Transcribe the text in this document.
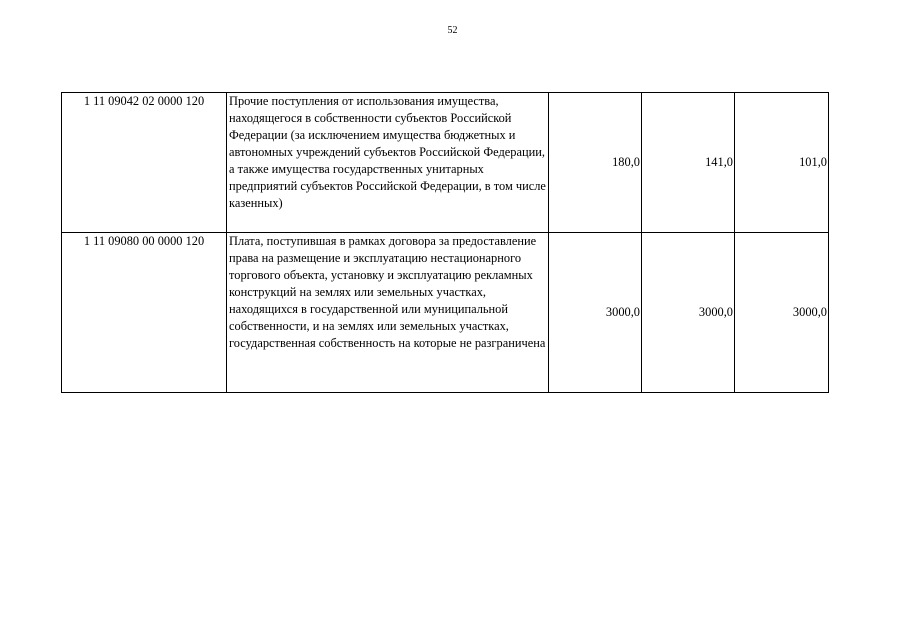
52
1 11 09042 02 0000 120	Прочие поступления от использования имущества, находящегося в собственности субъектов Российской Федерации (за исключением имущества бюджетных и автономных учреждений субъектов Российской Федерации, а также имущества государственных унитарных предприятий субъектов Российской Федерации, в том числе казенных)	180,0	141,0	101,0
1 11 09080 00 0000 120	Плата, поступившая в рамках договора за предоставление права на размещение и эксплуатацию нестационарного торгового объекта, установку и эксплуатацию рекламных конструкций на землях или земельных участках, находящихся в государственной или муниципальной собственности, и на землях или земельных участках, государственная собственность на которые не разграничена	3000,0	3000,0	3000,0
